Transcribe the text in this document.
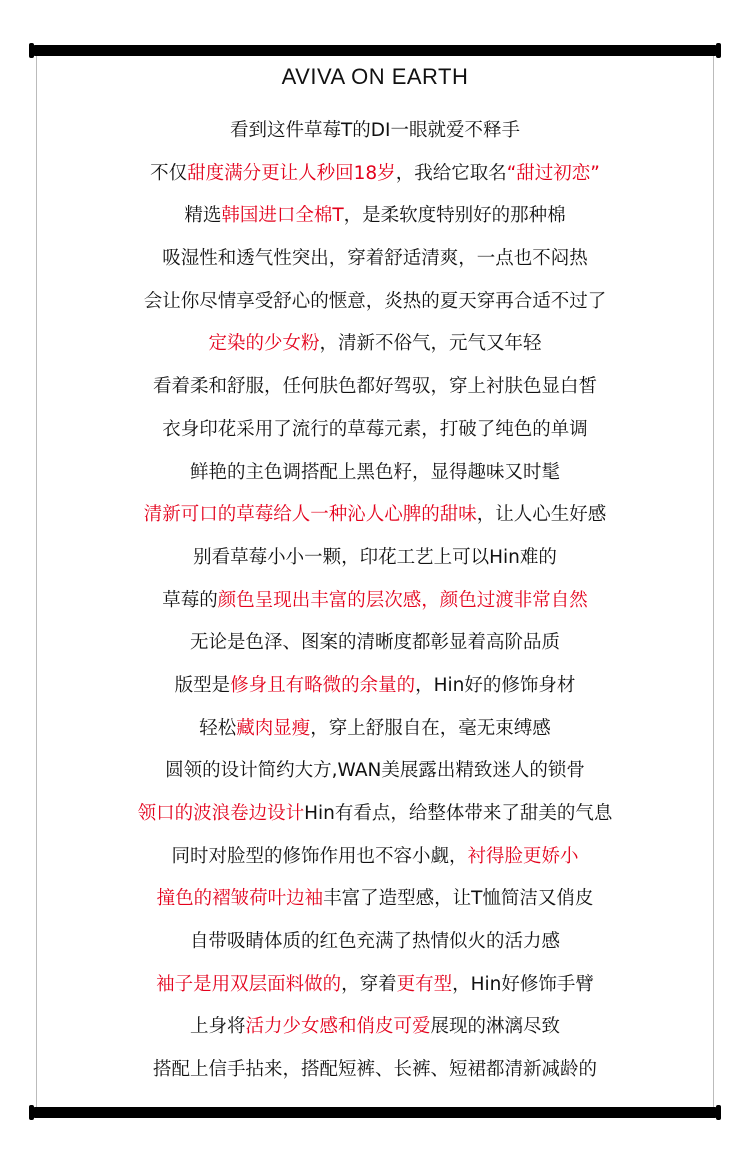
AVIVA ON EARTH
看到这件草莓T的DI一眼就爱不释手
不仅甜度满分更让人秒回18岁，我给它取名“甜过初恋”
精选韩国进口全棉T，是柔软度特别好的那种棉
吸湿性和透气性突出，穿着舒适清爽，一点也不闷热
会让你尽情享受舒心的惬意，炎热的夏天穿再合适不过了
定染的少女粉，清新不俗气，元气又年轻
看着柔和舒服，任何肤色都好驾驭，穿上衬肤色显白皙
衣身印花采用了流行的草莓元素，打破了纯色的单调
鲜艳的主色调搭配上黑色籽，显得趣味又时髦
清新可口的草莓给人一种沁人心脾的甜味，让人心生好感
别看草莓小小一颗，印花工艺上可以Hin难的
草莓的颜色呈现出丰富的层次感，颜色过渡非常自然
无论是色泽、图案的清晰度都彰显着高阶品质
版型是修身且有略微的余量的，Hin好的修饰身材
轻松藏肉显瘦，穿上舒服自在，毫无束缚感
圆领的设计简约大方,WAN美展露出精致迷人的锁骨
领口的波浪卷边设计Hin有看点，给整体带来了甜美的气息
同时对脸型的修饰作用也不容小觑，衬得脸更娇小
撞色的褶皱荷叶边袖丰富了造型感，让T恤简洁又俏皮
自带吸睛体质的红色充满了热情似火的活力感
袖子是用双层面料做的，穿着更有型，Hin好修饰手臂
上身将活力少女感和俏皮可爱展现的淋漓尽致
搭配上信手拈来，搭配短裤、长裤、短裙都清新减龄的
